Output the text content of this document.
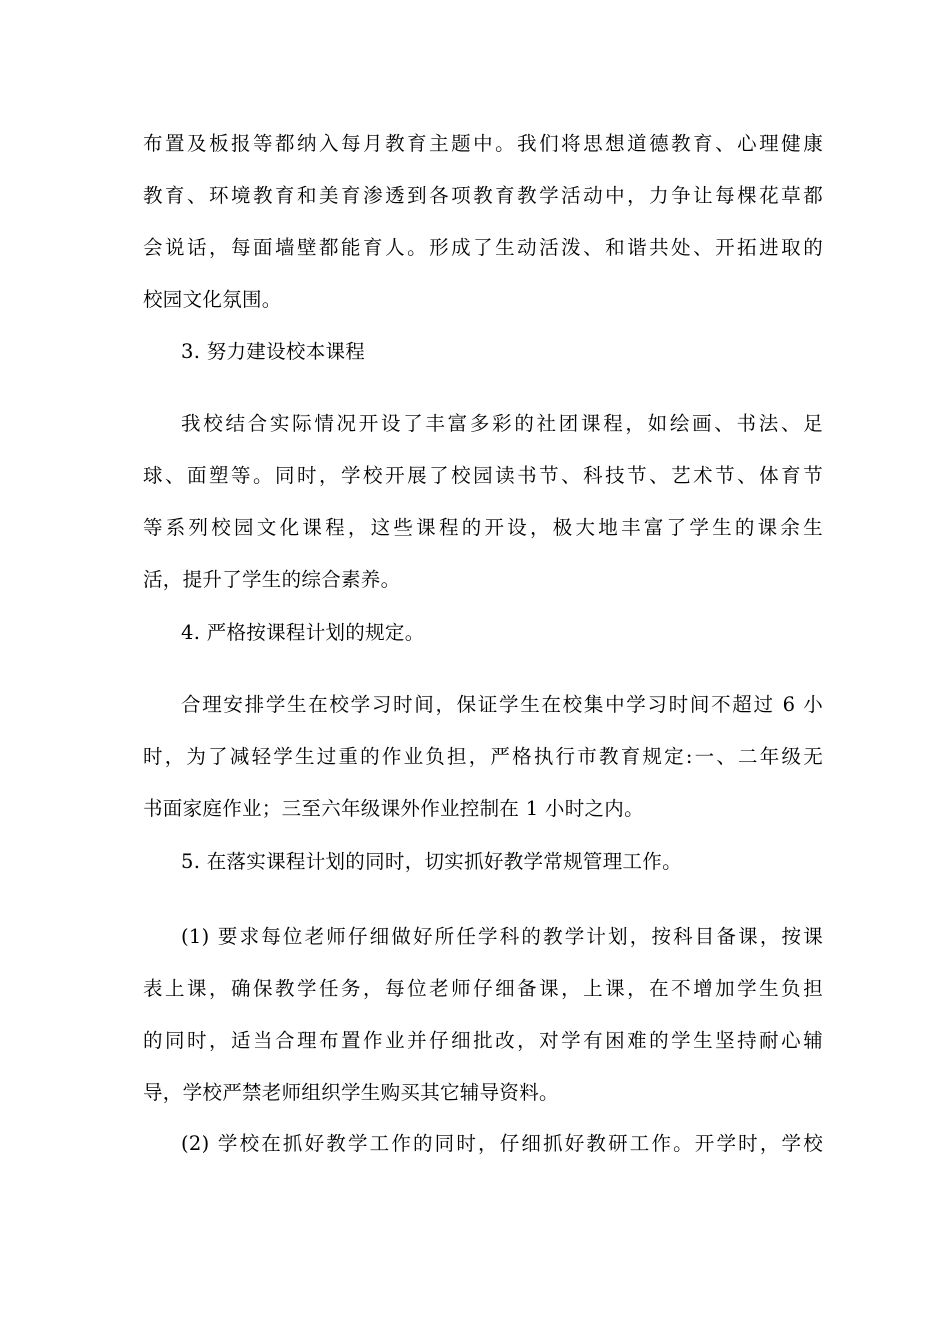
布置及板报等都纳入每月教育主题中。我们将思想道德教育、心理健康
教育、环境教育和美育渗透到各项教育教学活动中，力争让每棵花草都
会说话，每面墙壁都能育人。形成了生动活泼、和谐共处、开拓进取的
校园文化氛围。
3. 努力建设校本课程
我校结合实际情况开设了丰富多彩的社团课程，如绘画、书法、足
球、面塑等。同时，学校开展了校园读书节、科技节、艺术节、体育节
等系列校园文化课程，这些课程的开设，极大地丰富了学生的课余生
活，提升了学生的综合素养。
4. 严格按课程计划的规定。
合理安排学生在校学习时间，保证学生在校集中学习时间不超过 6 小
时，为了减轻学生过重的作业负担，严格执行市教育规定:一、二年级无
书面家庭作业；三至六年级课外作业控制在 1 小时之内。
5. 在落实课程计划的同时，切实抓好教学常规管理工作。
(1) 要求每位老师仔细做好所任学科的教学计划，按科目备课，按课
表上课，确保教学任务，每位老师仔细备课，上课，在不增加学生负担
的同时，适当合理布置作业并仔细批改，对学有困难的学生坚持耐心辅
导，学校严禁老师组织学生购买其它辅导资料。
(2) 学校在抓好教学工作的同时，仔细抓好教研工作。开学时，学校
